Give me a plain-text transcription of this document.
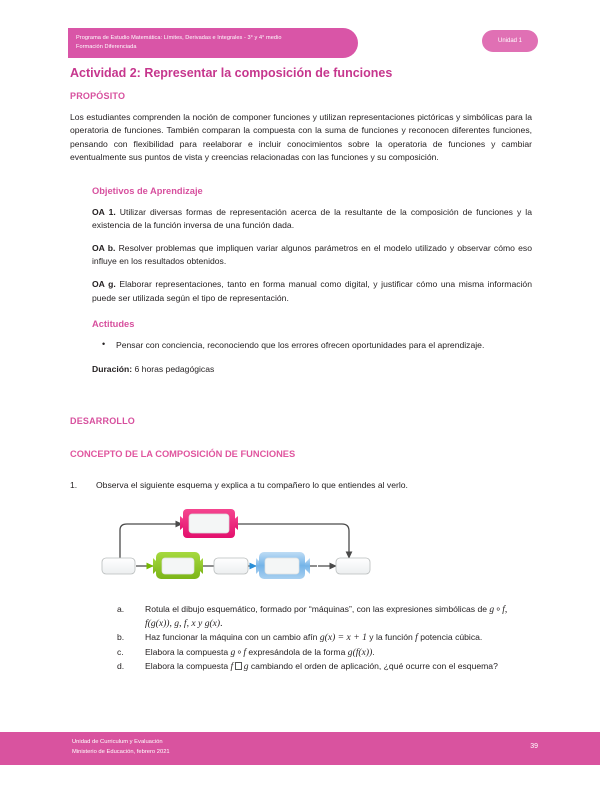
Programa de Estudio Matemática: Límites, Derivadas e Integrales - 3° y 4° medio
Formación Diferenciada
Unidad 1
Actividad 2: Representar la composición de funciones
PROPÓSITO

Los estudiantes comprenden la noción de componer funciones y utilizan representaciones pictóricas y simbólicas para la operatoria de funciones. También comparan la compuesta con la suma de funciones y reconocen diferentes funciones, pensando con flexibilidad para reelaborar e incluir conocimientos sobre la operatoria de funciones y cambiar eventualmente sus puntos de vista y creencias relacionadas con las funciones y su composición.

Objetivos de Aprendizaje
OA 1. Utilizar diversas formas de representación acerca de la resultante de la composición de funciones y la existencia de la función inversa de una función dada.
OA b. Resolver problemas que impliquen variar algunos parámetros en el modelo utilizado y observar cómo eso influye en los resultados obtenidos.
OA g. Elaborar representaciones, tanto en forma manual como digital, y justificar cómo una misma información puede ser utilizada según el tipo de representación.
Actitudes
• Pensar con conciencia, reconociendo que los errores ofrecen oportunidades para el aprendizaje.
Duración: 6 horas pedagógicas
DESARROLLO
CONCEPTO DE LA COMPOSICIÓN DE FUNCIONES
1. Observa el siguiente esquema y explica a tu compañero lo que entiendes al verlo.
Rotula el dibujo esquemático, formado por “máquinas”, con las expresiones simbólicas de g∘f, f(g(x)), g, f, x y g(x).
Haz funcionar la máquina con un cambio afín g(x) = x + 1 y la función f potencia cúbica.
Elabora la compuesta g∘f expresándola de la forma g(f(x)).
Elabora la compuesta f g cambiando el orden de aplicación, ¿qué ocurre con el esquema?
Unidad de Curriculum y Evaluación
Ministerio de Educación, febrero 2021
39
